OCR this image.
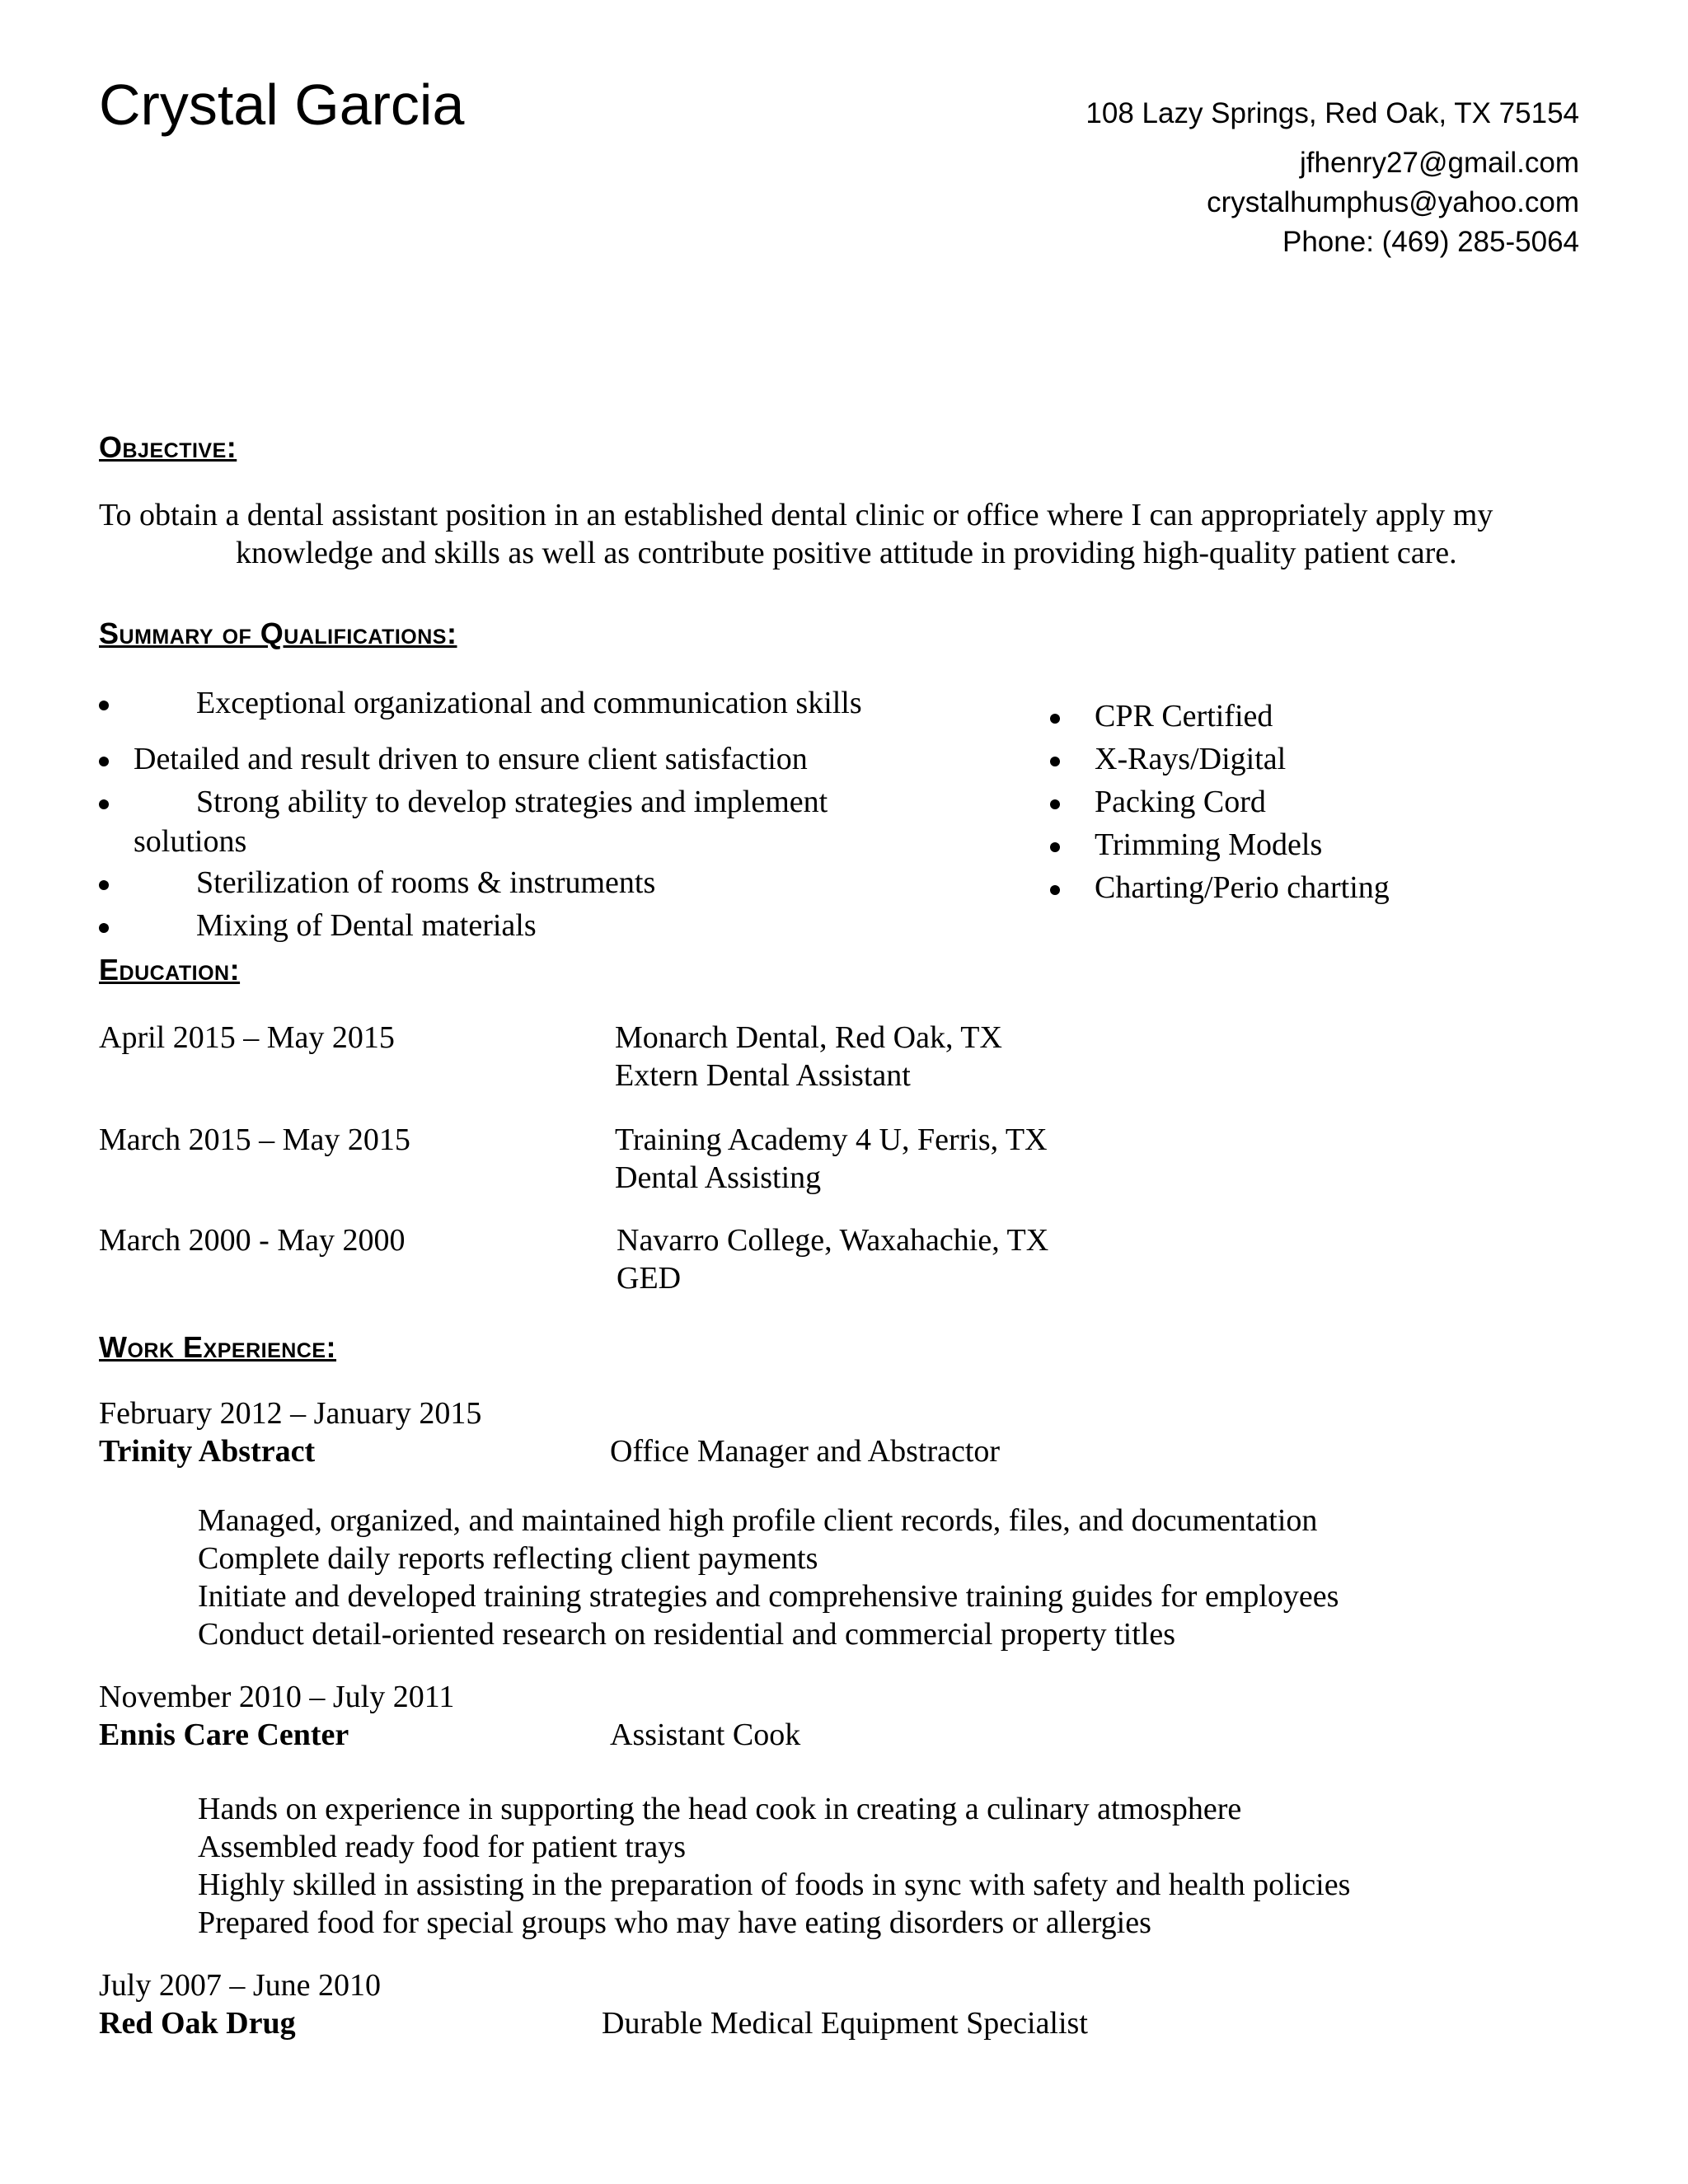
Crystal Garcia	108 Lazy Springs, Red Oak, TX 75154
jfhenry27@gmail.com
crystalhumphus@yahoo.com
Phone: (469) 285-5064
Objective:
To obtain a dental assistant position in an established dental clinic or office where I can appropriately apply my
knowledge and skills as well as contribute positive attitude in providing high-quality patient care.
Summary of Qualifications:
Exceptional organizational and communication skills
Detailed and result driven to ensure client satisfaction
Strong ability to develop strategies and implement
solutions
Sterilization of rooms & instruments
Mixing of Dental materials
CPR Certified
X-Rays/Digital
Packing Cord
Trimming Models
Charting/Perio charting
Education:
April 2015 – May 2015	Monarch Dental, Red Oak, TX
Extern Dental Assistant
March 2015 – May 2015	Training Academy 4 U, Ferris, TX
Dental Assisting
March 2000 - May 2000	Navarro College, Waxahachie, TX
GED
Work Experience:
February 2012 – January 2015
Trinity Abstract	Office Manager and Abstractor
Managed, organized, and maintained high profile client records, files, and documentation
Complete daily reports reflecting client payments
Initiate and developed training strategies and comprehensive training guides for employees
Conduct detail-oriented research on residential and commercial property titles
November 2010 – July 2011
Ennis Care Center	Assistant Cook
Hands on experience in supporting the head cook in creating a culinary atmosphere
Assembled ready food for patient trays
Highly skilled in assisting in the preparation of foods in sync with safety and health policies
Prepared food for special groups who may have eating disorders or allergies
July 2007 – June 2010
Red Oak Drug	Durable Medical Equipment Specialist
